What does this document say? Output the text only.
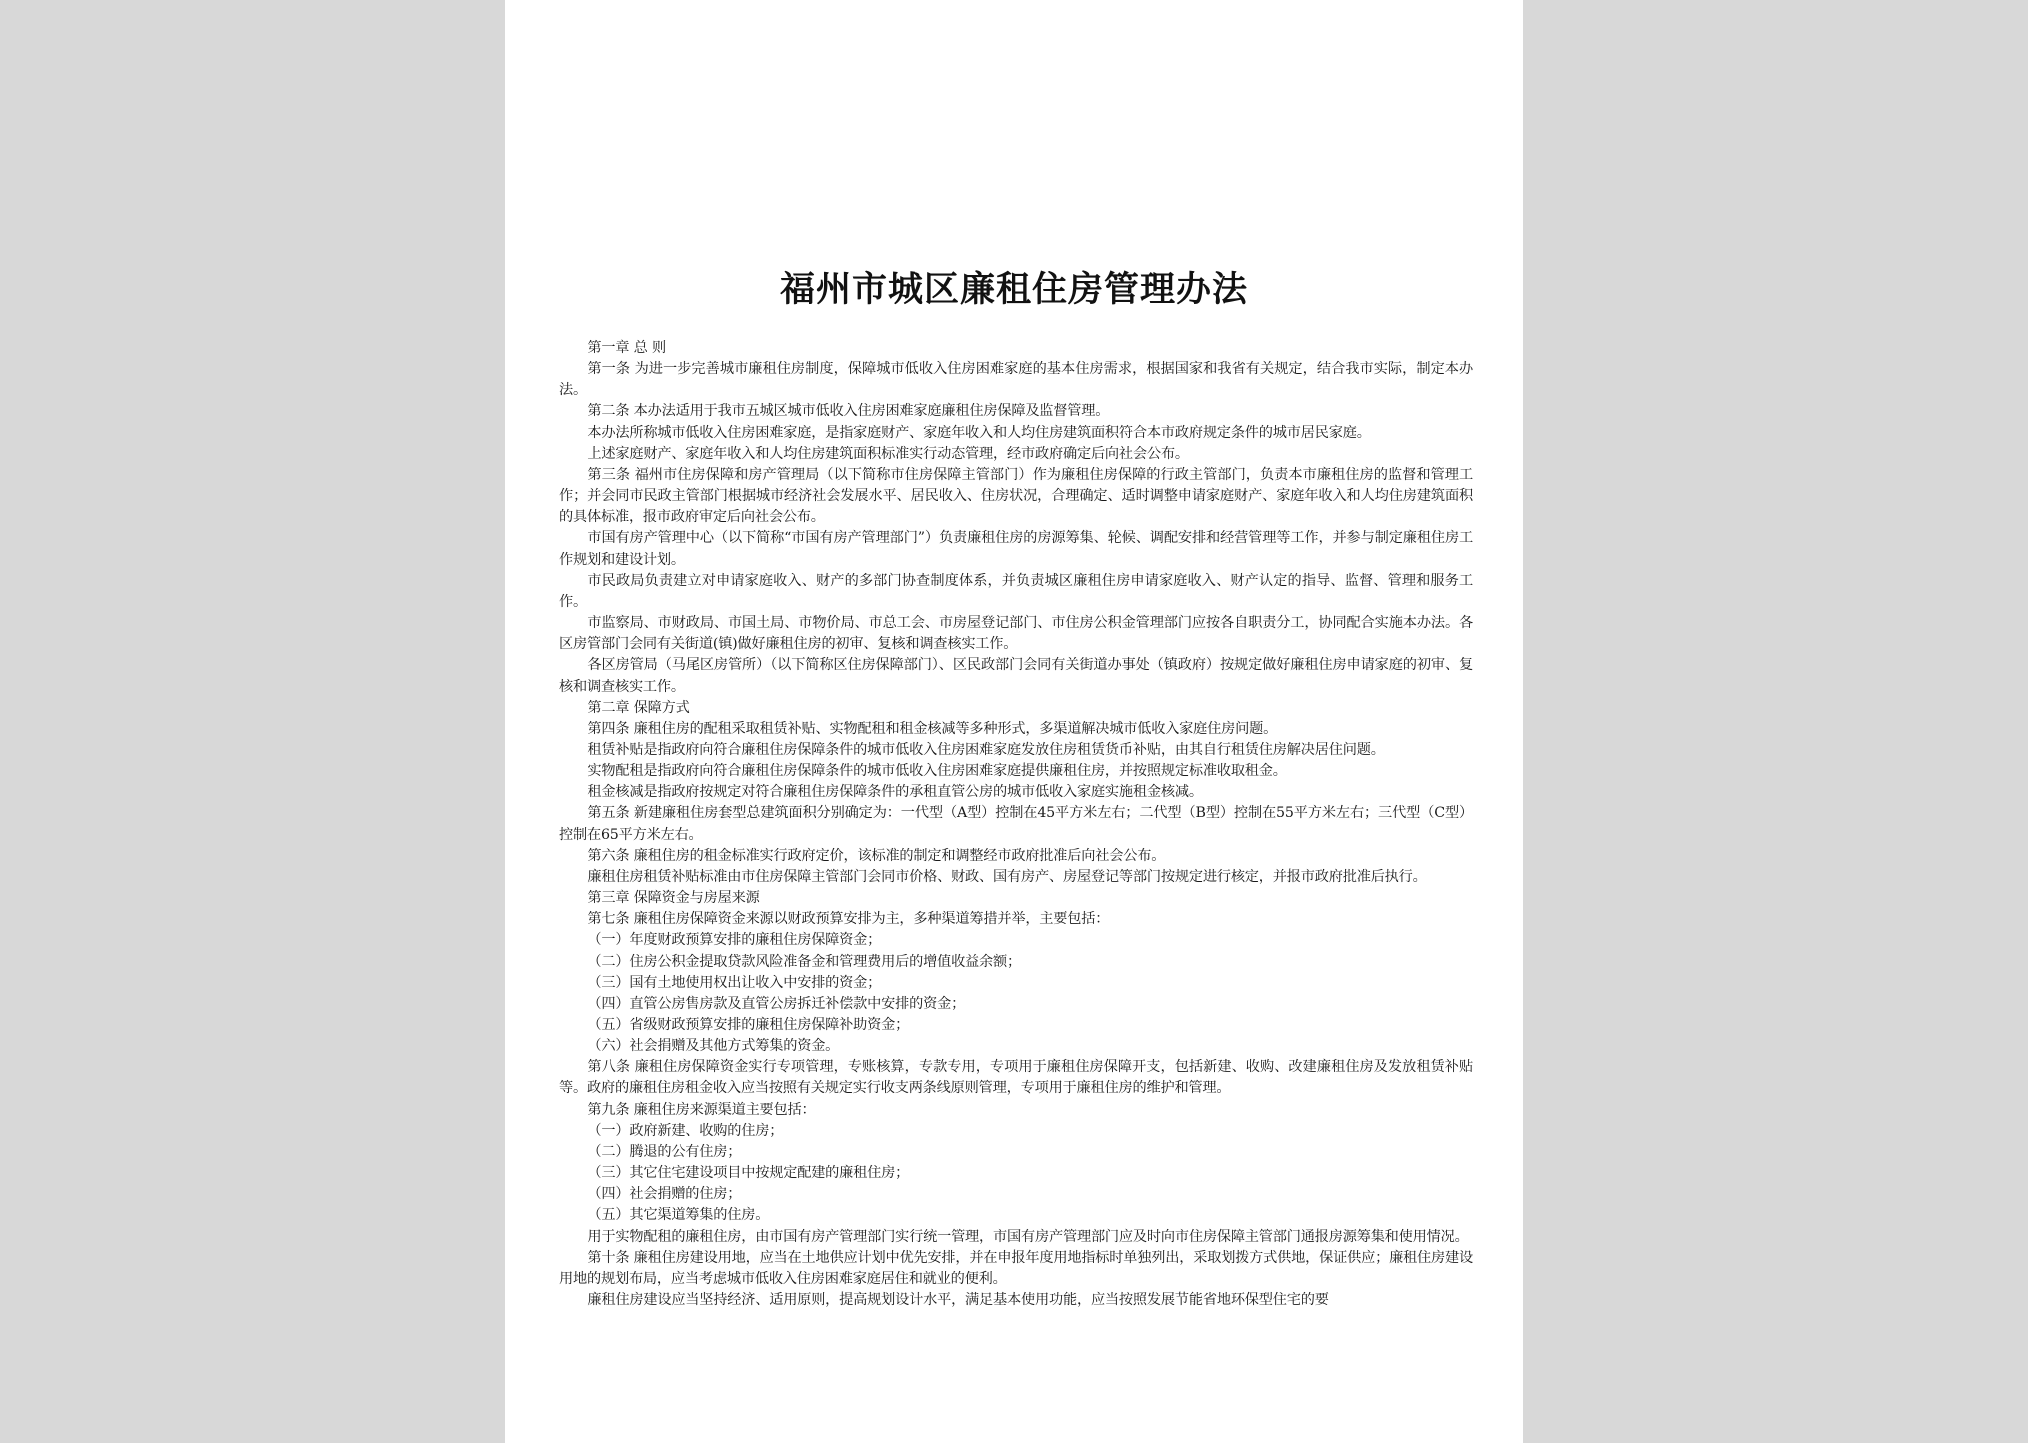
福州市城区廉租住房管理办法

第一章 总 则

第一条 为进一步完善城市廉租住房制度，保障城市低收入住房困难家庭的基本住房需求，根据国家和我省有关规定，结合我市实际，制定本办法。

第二条 本办法适用于我市五城区城市低收入住房困难家庭廉租住房保障及监督管理。

本办法所称城市低收入住房困难家庭，是指家庭财产、家庭年收入和人均住房建筑面积符合本市政府规定条件的城市居民家庭。

上述家庭财产、家庭年收入和人均住房建筑面积标准实行动态管理，经市政府确定后向社会公布。

第三条 福州市住房保障和房产管理局（以下简称市住房保障主管部门）作为廉租住房保障的行政主管部门，负责本市廉租住房的监督和管理工作；并会同市民政主管部门根据城市经济社会发展水平、居民收入、住房状况，合理确定、适时调整申请家庭财产、家庭年收入和人均住房建筑面积的具体标准，报市政府审定后向社会公布。

市国有房产管理中心（以下简称“市国有房产管理部门”）负责廉租住房的房源筹集、轮候、调配安排和经营管理等工作，并参与制定廉租住房工作规划和建设计划。

市民政局负责建立对申请家庭收入、财产的多部门协查制度体系，并负责城区廉租住房申请家庭收入、财产认定的指导、监督、管理和服务工作。

市监察局、市财政局、市国土局、市物价局、市总工会、市房屋登记部门、市住房公积金管理部门应按各自职责分工，协同配合实施本办法。各区房管部门会同有关街道(镇)做好廉租住房的初审、复核和调查核实工作。

各区房管局（马尾区房管所）（以下简称区住房保障部门）、区民政部门会同有关街道办事处（镇政府）按规定做好廉租住房申请家庭的初审、复核和调查核实工作。

第二章 保障方式

第四条 廉租住房的配租采取租赁补贴、实物配租和租金核减等多种形式，多渠道解决城市低收入家庭住房问题。

租赁补贴是指政府向符合廉租住房保障条件的城市低收入住房困难家庭发放住房租赁货币补贴，由其自行租赁住房解决居住问题。

实物配租是指政府向符合廉租住房保障条件的城市低收入住房困难家庭提供廉租住房，并按照规定标准收取租金。

租金核减是指政府按规定对符合廉租住房保障条件的承租直管公房的城市低收入家庭实施租金核减。

第五条 新建廉租住房套型总建筑面积分别确定为：一代型（A型）控制在45平方米左右；二代型（B型）控制在55平方米左右；三代型（C型）控制在65平方米左右。

第六条 廉租住房的租金标准实行政府定价，该标准的制定和调整经市政府批准后向社会公布。

廉租住房租赁补贴标准由市住房保障主管部门会同市价格、财政、国有房产、房屋登记等部门按规定进行核定，并报市政府批准后执行。

第三章 保障资金与房屋来源

第七条 廉租住房保障资金来源以财政预算安排为主，多种渠道筹措并举，主要包括：

（一）年度财政预算安排的廉租住房保障资金；

（二）住房公积金提取贷款风险准备金和管理费用后的增值收益余额；

（三）国有土地使用权出让收入中安排的资金；

（四）直管公房售房款及直管公房拆迁补偿款中安排的资金；

（五）省级财政预算安排的廉租住房保障补助资金；

（六）社会捐赠及其他方式筹集的资金。

第八条 廉租住房保障资金实行专项管理，专账核算，专款专用，专项用于廉租住房保障开支，包括新建、收购、改建廉租住房及发放租赁补贴等。政府的廉租住房租金收入应当按照有关规定实行收支两条线原则管理，专项用于廉租住房的维护和管理。

第九条 廉租住房来源渠道主要包括：

（一）政府新建、收购的住房；

（二）腾退的公有住房；

（三）其它住宅建设项目中按规定配建的廉租住房；

（四）社会捐赠的住房；

（五）其它渠道筹集的住房。

用于实物配租的廉租住房，由市国有房产管理部门实行统一管理，市国有房产管理部门应及时向市住房保障主管部门通报房源筹集和使用情况。

第十条 廉租住房建设用地，应当在土地供应计划中优先安排，并在申报年度用地指标时单独列出，采取划拨方式供地，保证供应；廉租住房建设用地的规划布局，应当考虑城市低收入住房困难家庭居住和就业的便利。

廉租住房建设应当坚持经济、适用原则，提高规划设计水平，满足基本使用功能，应当按照发展节能省地环保型住宅的要
